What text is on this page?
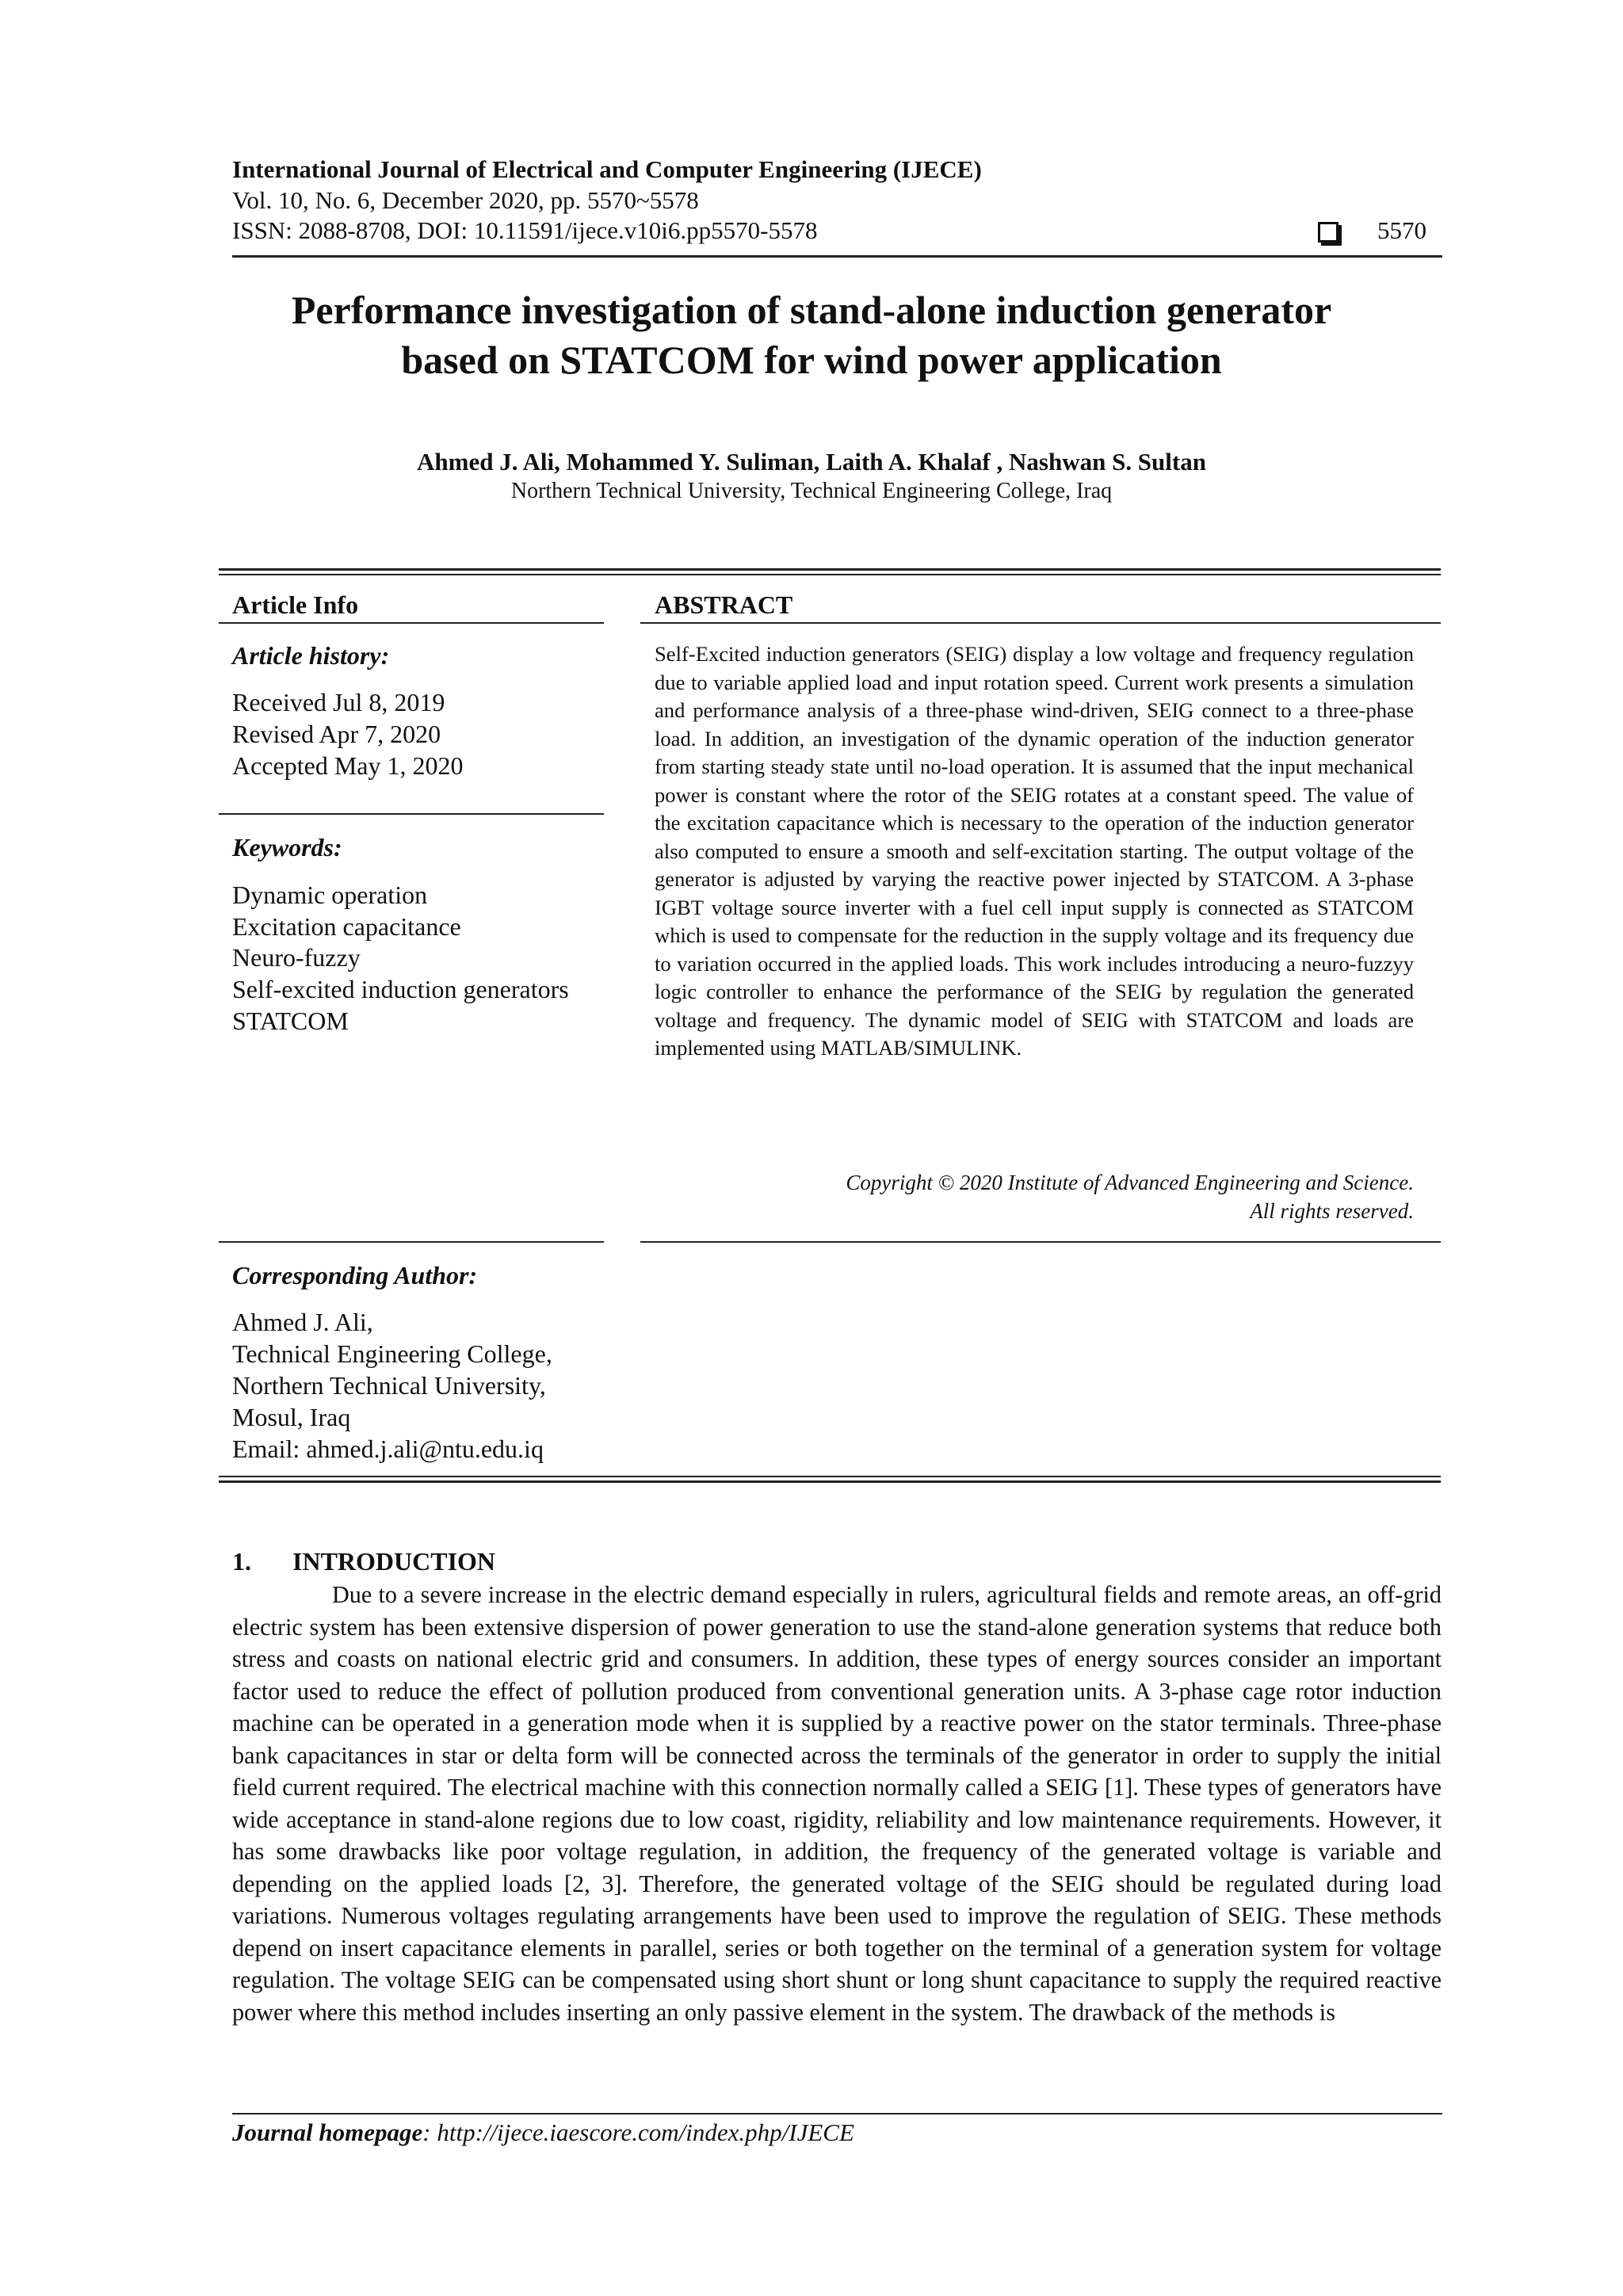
International Journal of Electrical and Computer Engineering (IJECE)
Vol. 10, No. 6, December 2020, pp. 5570~5578
ISSN: 2088-8708, DOI: 10.11591/ijece.v10i6.pp5570-5578	5570
Performance investigation of stand-alone induction generator
based on STATCOM for wind power application
Ahmed J. Ali, Mohammed Y. Suliman, Laith A. Khalaf , Nashwan S. Sultan
Northern Technical University, Technical Engineering College, Iraq
Article Info
Article history:
Received Jul 8, 2019
Revised Apr 7, 2020
Accepted May 1, 2020
Keywords:
Dynamic operation
Excitation capacitance
Neuro-fuzzy
Self-excited induction generators
STATCOM
ABSTRACT

Self-Excited induction generators (SEIG) display a low voltage and frequency regulation due to variable applied load and input rotation speed. Current work presents a simulation and performance analysis of a three-phase wind-driven, SEIG connect to a three-phase load. In addition, an investigation of the dynamic operation of the induction generator from starting steady state until no-load operation. It is assumed that the input mechanical power is constant where the rotor of the SEIG rotates at a constant speed. The value of the excitation capacitance which is necessary to the operation of the induction generator also computed to ensure a smooth and self-excitation starting. The output voltage of the generator is adjusted by varying the reactive power injected by STATCOM. A 3-phase IGBT voltage source inverter with a fuel cell input supply is connected as STATCOM which is used to compensate for the reduction in the supply voltage and its frequency due to variation occurred in the applied loads. This work includes introducing a neuro-fuzzyy logic controller to enhance the performance of the SEIG by regulation the generated voltage and frequency. The dynamic model of SEIG with STATCOM and loads are implemented using MATLAB/SIMULINK.

Copyright © 2020 Institute of Advanced Engineering and Science.
All rights reserved.
Corresponding Author:
Ahmed J. Ali,
Technical Engineering College,
Northern Technical University,
Mosul, Iraq
Email: ahmed.j.ali@ntu.edu.iq
1. INTRODUCTION

Due to a severe increase in the electric demand especially in rulers, agricultural fields and remote areas, an off-grid electric system has been extensive dispersion of power generation to use the stand-alone generation systems that reduce both stress and coasts on national electric grid and consumers. In addition, these types of energy sources consider an important factor used to reduce the effect of pollution produced from conventional generation units. A 3-phase cage rotor induction machine can be operated in a generation mode when it is supplied by a reactive power on the stator terminals. Three-phase bank capacitances in star or delta form will be connected across the terminals of the generator in order to supply the initial field current required. The electrical machine with this connection normally called a SEIG [1]. These types of generators have wide acceptance in stand-alone regions due to low coast, rigidity, reliability and low maintenance requirements. However, it has some drawbacks like poor voltage regulation, in addition, the frequency of the generated voltage is variable and depending on the applied loads [2, 3]. Therefore, the generated voltage of the SEIG should be regulated during load variations. Numerous voltages regulating arrangements have been used to improve the regulation of SEIG. These methods depend on insert capacitance elements in parallel, series or both together on the terminal of a generation system for voltage regulation. The voltage SEIG can be compensated using short shunt or long shunt capacitance to supply the required reactive power where this method includes inserting an only passive element in the system. The drawback of the methods is

Journal homepage: http://ijece.iaescore.com/index.php/IJECE
